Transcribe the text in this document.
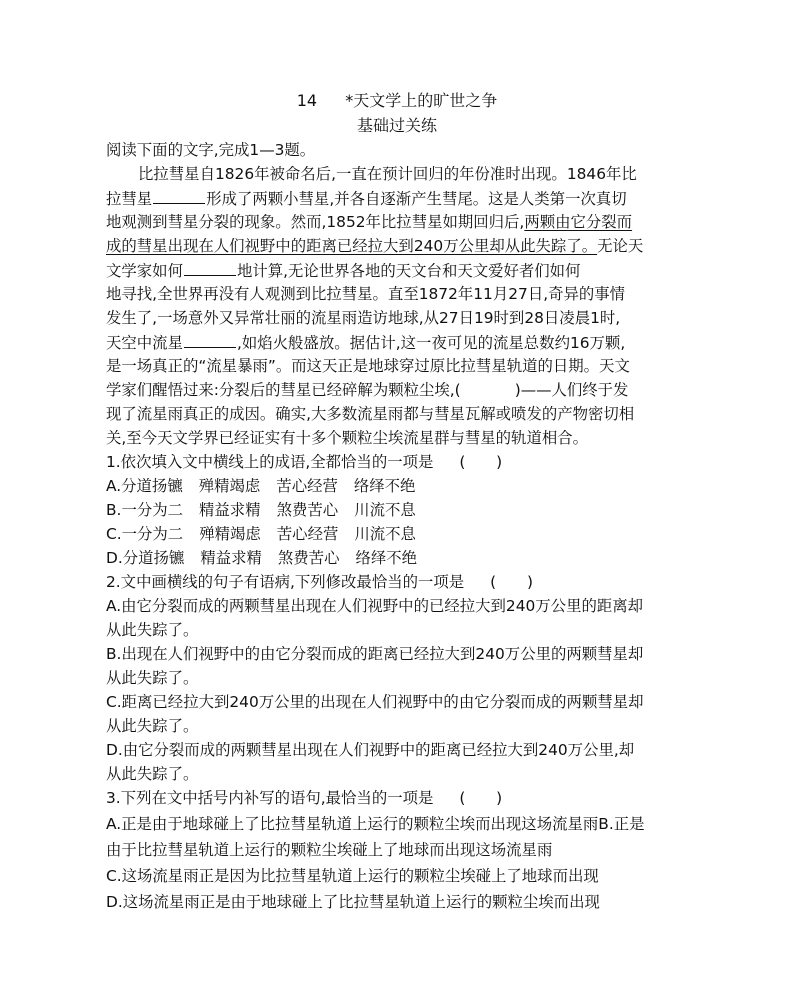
14 *天文学上的旷世之争
基础过关练
阅读下面的文字,完成1—3题。
比拉彗星自1826年被命名后,一直在预计回归的年份准时出现。1846年比
拉彗星	形成了两颗小彗星,并各自逐渐产生彗尾。这是人类第一次真切
地观测到彗星分裂的现象。然而,1852年比拉彗星如期回归后,两颗由它分裂而
成的彗星出现在人们视野中的距离已经拉大到240万公里却从此失踪了。无论天
文学家如何	地计算,无论世界各地的天文台和天文爱好者们如何
地寻找,全世界再没有人观测到比拉彗星。直至1872年11月27日,奇异的事情
发生了,一场意外又异常壮丽的流星雨造访地球,从27日19时到28日凌晨1时,
天空中流星	,如焰火般盛放。据估计,这一夜可见的流星总数约16万颗,
是一场真正的“流星暴雨”。而这天正是地球穿过原比拉彗星轨道的日期。天文
学家们醒悟过来:分裂后的彗星已经碎解为颗粒尘埃,(	)——人们终于发
现了流星雨真正的成因。确实,大多数流星雨都与彗星瓦解或喷发的产物密切相
关,至今天文学界已经证实有十多个颗粒尘埃流星群与彗星的轨道相合。
1.依次填入文中横线上的成语,全都恰当的一项是 (　　)
A.分道扬镳 殚精竭虑 苦心经营 络绎不绝
B.一分为二 精益求精 煞费苦心 川流不息
C.一分为二 殚精竭虑 苦心经营 川流不息
D.分道扬镳 精益求精 煞费苦心 络绎不绝
2.文中画横线的句子有语病,下列修改最恰当的一项是 (　　)
A.由它分裂而成的两颗彗星出现在人们视野中的已经拉大到240万公里的距离却
从此失踪了。
B.出现在人们视野中的由它分裂而成的距离已经拉大到240万公里的两颗彗星却
从此失踪了。
C.距离已经拉大到240万公里的出现在人们视野中的由它分裂而成的两颗彗星却
从此失踪了。
D.由它分裂而成的两颗彗星出现在人们视野中的距离已经拉大到240万公里,却
从此失踪了。
3.下列在文中括号内补写的语句,最恰当的一项是 (　　)
A.正是由于地球碰上了比拉彗星轨道上运行的颗粒尘埃而出现这场流星雨B.正是
由于比拉彗星轨道上运行的颗粒尘埃碰上了地球而出现这场流星雨
C.这场流星雨正是因为比拉彗星轨道上运行的颗粒尘埃碰上了地球而出现
D.这场流星雨正是由于地球碰上了比拉彗星轨道上运行的颗粒尘埃而出现
